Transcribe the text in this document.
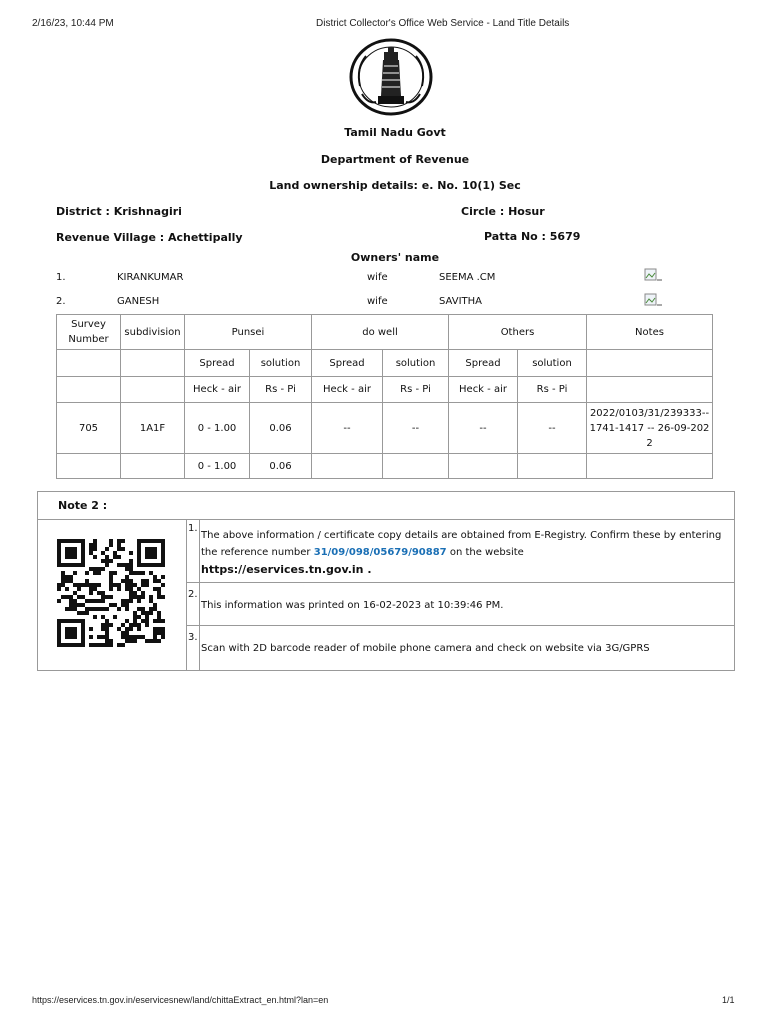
2/16/23, 10:44 PM	District Collector's Office Web Service - Land Title Details
Tamil Nadu Govt
Department of Revenue
Land ownership details: e. No. 10(1) Sec
District : Krishnagiri	Circle : Hosur
Revenue Village : Achettipally	Patta No : 5679
Owners' name
1.	KIRANKUMAR	wife	SEEMA .CM
2.	GANESH	wife	SAVITHA
Survey Number	subdivision	Punsei		do well		Others		Notes
		Spread	solution	Spread	solution	Spread	solution	
		Heck - air	Rs - Pi	Heck - air	Rs - Pi	Heck - air	Rs - Pi	
705	1A1F	0 - 1.00	0.06	--	--	--	--	2022/0103/31/239333--1741-1417 -- 26-09-2022
		0 - 1.00	0.06					
Note 2 :
1.
The above information / certificate copy details are obtained from E-Registry. Confirm these by entering the reference number 31/09/098/05679/90887 on the website
https://eservices.tn.gov.in .
2.
This information was printed on 16-02-2023 at 10:39:46 PM.
3.
Scan with 2D barcode reader of mobile phone camera and check on website via 3G/GPRS
https://eservices.tn.gov.in/eservicesnew/land/chittaExtract_en.html?lan=en	1/1
